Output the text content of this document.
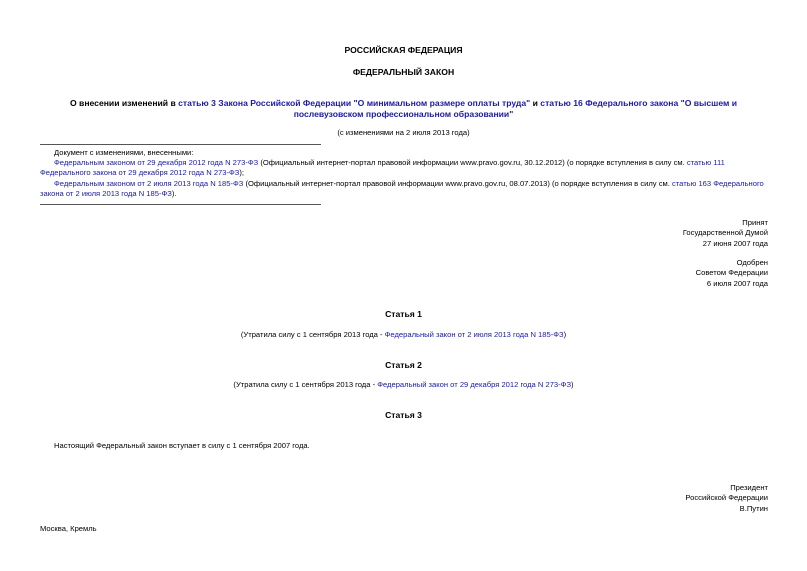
РОССИЙСКАЯ ФЕДЕРАЦИЯ
ФЕДЕРАЛЬНЫЙ ЗАКОН
О внесении изменений в статью 3 Закона Российской Федерации "О минимальном размере оплаты труда" и статью 16 Федерального закона "О высшем и послевузовском профессиональном образовании"
(с изменениями на 2 июля 2013 года)
Документ с изменениями, внесенными:
Федеральным законом от 29 декабря 2012 года N 273-ФЗ (Официальный интернет-портал правовой информации www.pravo.gov.ru, 30.12.2012) (о порядке вступления в силу см. статью 111 Федерального закона от 29 декабря 2012 года N 273-ФЗ);
Федеральным законом от 2 июля 2013 года N 185-ФЗ (Официальный интернет-портал правовой информации www.pravo.gov.ru, 08.07.2013) (о порядке вступления в силу см. статью 163 Федерального закона от 2 июля 2013 года N 185-ФЗ).
Принят
Государственной Думой
27 июня 2007 года
Одобрен
Советом Федерации
6 июля 2007 года
Статья 1
(Утратила силу с 1 сентября 2013 года - Федеральный закон от 2 июля 2013 года N 185-ФЗ)
Статья 2
(Утратила силу с 1 сентября 2013 года - Федеральный закон от 29 декабря 2012 года N 273-ФЗ)
Статья 3
Настоящий Федеральный закон вступает в силу с 1 сентября 2007 года.
Президент
Российской Федерации
В.Путин
Москва, Кремль
